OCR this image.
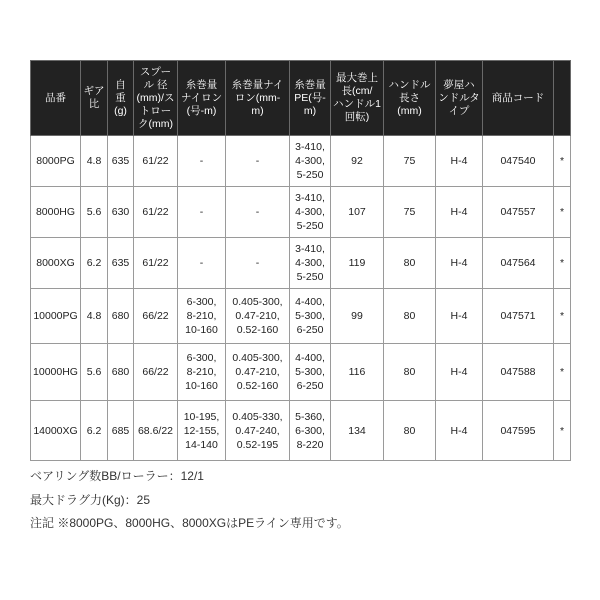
品番	ギア
比	自
重
(g)	スプー
ル 径
(mm)/ス
トロー
ク(mm)	糸巻量
ナイロン
(号-m)	糸巻量ナイ
ロン(mm-
m)	糸巻量
PE(号-
m)	最大巻上
長(cm/
ハンドル1
回転)	ハンドル
長さ
(mm)	夢屋ハ
ンドルタ
イプ	商品コード	
8000PG	4.8	635	61/22	-	-	3-410,
4-300,
5-250	92	75	H-4	047540	*
8000HG	5.6	630	61/22	-	-	3-410,
4-300,
5-250	107	75	H-4	047557	*
8000XG	6.2	635	61/22	-	-	3-410,
4-300,
5-250	119	80	H-4	047564	*
10000PG	4.8	680	66/22	6-300,
8-210,
10-160	0.405-300,
0.47-210,
0.52-160	4-400,
5-300,
6-250	99	80	H-4	047571	*
10000HG	5.6	680	66/22	6-300,
8-210,
10-160	0.405-300,
0.47-210,
0.52-160	4-400,
5-300,
6-250	116	80	H-4	047588	*
14000XG	6.2	685	68.6/22	10-195,
12-155,
14-140	0.405-330,
0.47-240,
0.52-195	5-360,
6-300,
8-220	134	80	H-4	047595	*
ベアリング数BB/ローラー：12/1
最大ドラグ力(Kg)：25
注記 ※8000PG、8000HG、8000XGはPEライン専用です。
